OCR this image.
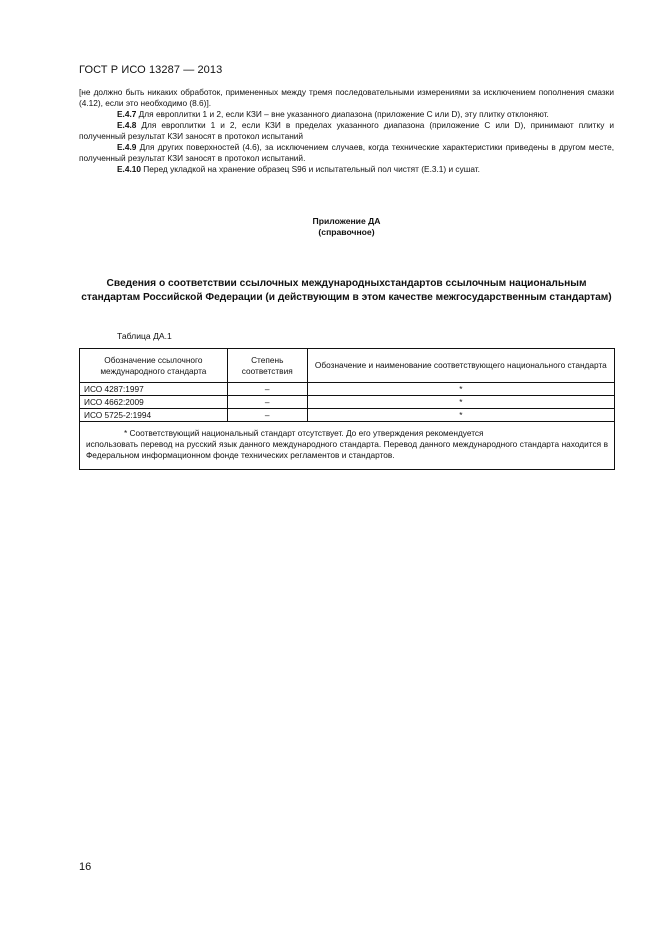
ГОСТ Р ИСО 13287 — 2013

[не должно быть никаких обработок, примененных между тремя последовательными измерениями за исключением пополнения смазки (4.12), если это необходимо (8.6)].

Е.4.7 Для европлитки 1 и 2, если КЗИ – вне указанного диапазона (приложение С или D), эту плитку отклоняют.

Е.4.8 Для европлитки 1 и 2, если КЗИ в пределах указанного диапазона (приложение С или D), принимают плитку и полученный результат КЗИ заносят в протокол испытаний

Е.4.9 Для других поверхностей (4.6), за исключением случаев, когда технические характеристики приведены в другом месте, полученный результат КЗИ заносят в протокол испытаний.

Е.4.10 Перед укладкой на хранение образец S96 и испытательный пол чистят (Е.3.1) и сушат.

Приложение ДА
(справочное)
Сведения о соответствии ссылочных международныхстандартов ссылочным национальным стандартам Российской Федерации (и действующим в этом качестве межгосударственным стандартам)
Таблица ДА.1
Обозначение ссылочного международного стандарта	Степень соответствия	Обозначение и наименование соответствующего национального стандарта
ИСО 4287:1997	–	*
ИСО 4662:2009	–	*
ИСО 5725-2:1994	–	*

* Соответствующий национальный стандарт отсутствует. До его утверждения рекомендуется
использовать перевод на русский язык данного международного стандарта. Перевод данного международного стандарта находится в Федеральном информационном фонде технических регламентов и стандартов.		
16
